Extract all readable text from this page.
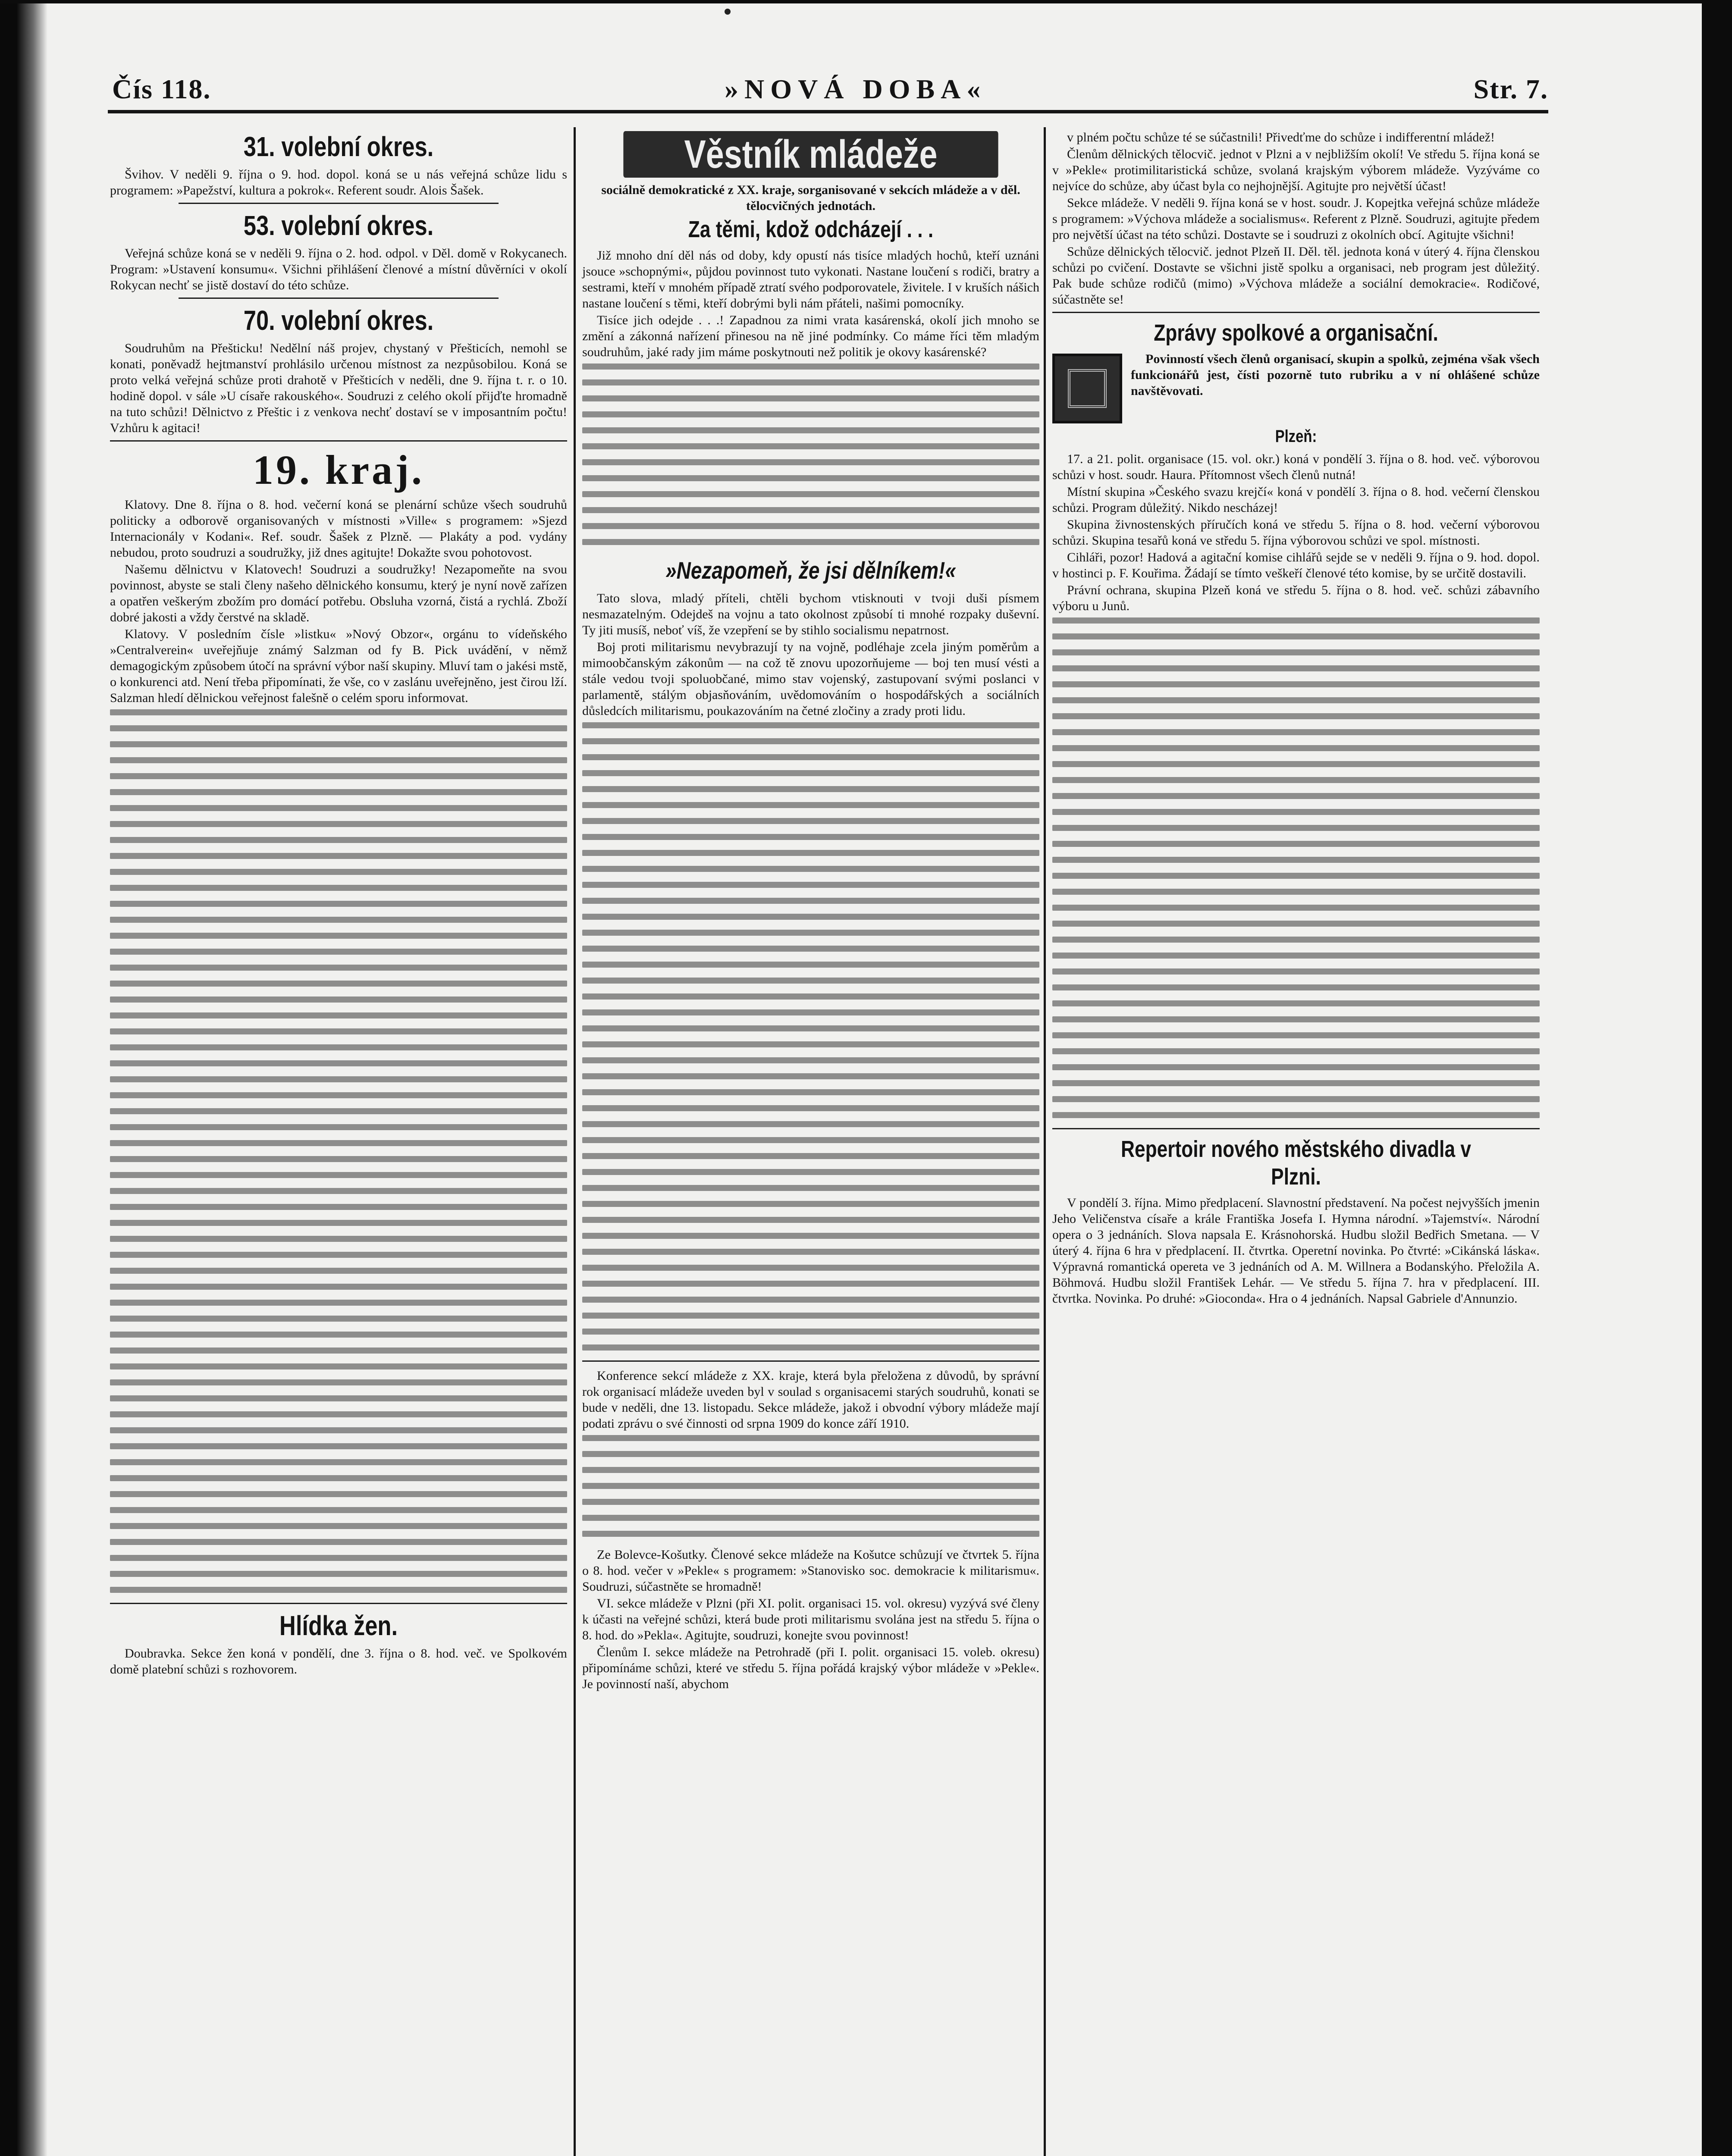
Čís 118.	»NOVÁ DOBA«	Str. 7.
31. volební okres.

Švihov. V neděli 9. října o 9. hod. dopol. koná se u nás veřejná schůze lidu s programem: »Papežství, kultura a pokrok«. Referent soudr. Alois Šašek.

53. volební okres.

Veřejná schůze koná se v neděli 9. října o 2. hod. odpol. v Děl. domě v Rokycanech. Program: »Ustavení konsumu«. Všichni přihlášení členové a místní důvěrníci v okolí Rokycan nechť se jistě dostaví do této schůze.

70. volební okres.

Soudruhům na Přešticku! Nedělní náš projev, chystaný v Přešticích, nemohl se konati, poněvadž hejtmanství prohlásilo určenou místnost za nezpůsobilou. Koná se proto velká veřejná schůze proti drahotě v Přešticích v neděli, dne 9. října t. r. o 10. hodině dopol. v sále »U císaře rakouského«. Soudruzi z celého okolí přijďte hromadně na tuto schůzi! Dělnictvo z Přeštic i z venkova nechť dostaví se v imposantním počtu! Vzhůru k agitaci!

19. kraj.

Klatovy. Dne 8. října o 8. hod. večerní koná se plenární schůze všech soudruhů politicky a odborově organisovaných v místnosti »Ville« s programem: »Sjezd Internacionály v Kodani«. Ref. soudr. Šašek z Plzně. — Plakáty a pod. vydány nebudou, proto soudruzi a soudružky, již dnes agitujte! Dokažte svou pohotovost.

Našemu dělnictvu v Klatovech! Soudruzi a soudružky! Nezapomeňte na svou povinnost, abyste se stali členy našeho dělnického konsumu, který je nyní nově zařízen a opatřen veškerým zbožím pro domácí potřebu. Obsluha vzorná, čistá a rychlá. Zboží dobré jakosti a vždy čerstvé na skladě.

Klatovy. V posledním čísle »listku« »Nový Obzor«, orgánu to vídeňského »Centralverein« uveřejňuje známý Salzman od fy B. Pick uvádění, v němž demagogickým způsobem útočí na správní výbor naší skupiny. Mluví tam o jakési mstě, o konkurenci atd. Není třeba připomínati, že vše, co v zaslánu uveřejněno, jest čirou lží. Salzman hledí dělnickou veřejnost falešně o celém sporu informovat.

Hlídka žen.

Doubravka. Sekce žen koná v pondělí, dne 3. října o 8. hod. več. ve Spolkovém domě platební schůzi s rozhovorem.

Věstník mládeže

sociálně demokratické z XX. kraje, sorganisované v sekcích mládeže a v děl. tělocvičných jednotách.

Za těmi, kdož odcházejí . . .

Již mnoho dní děl nás od doby, kdy opustí nás tisíce mladých hochů, kteří uznáni jsouce »schopnými«, půjdou povinnost tuto vykonati. Nastane loučení s rodiči, bratry a sestrami, kteří v mnohém případě ztratí svého podporovatele, živitele. I v kruších nášich nastane loučení s těmi, kteří dobrými byli nám přáteli, našimi pomocníky.

Tisíce jich odejde . . .! Zapadnou za nimi vrata kasárenská, okolí jich mnoho se změní a zákonná nařízení přinesou na ně jiné podmínky. Co máme říci těm mladým soudruhům, jaké rady jim máme poskytnouti než politik je okovy kasárenské?

»Nezapomeň, že jsi dělníkem!«

Tato slova, mladý příteli, chtěli bychom vtisknouti v tvoji duši písmem nesmazatelným. Odejdeš na vojnu a tato okolnost způsobí ti mnohé rozpaky duševní. Ty jiti musíš, neboť víš, že vzepření se by stihlo socialismu nepatrnost.

Boj proti militarismu nevybrazují ty na vojně, podléhaje zcela jiným poměrům a mimoobčanským zákonům — na což tě znovu upozorňujeme — boj ten musí vésti a stále vedou tvoji spoluobčané, mimo stav vojenský, zastupovaní svými poslanci v parlamentě, stálým objasňováním, uvědomováním o hospodářských a sociálních důsledcích militarismu, poukazováním na četné zločiny a zrady proti lidu.

Konference sekcí mládeže z XX. kraje, která byla přeložena z důvodů, by správní rok organisací mládeže uveden byl v soulad s organisacemi starých soudruhů, konati se bude v neděli, dne 13. listopadu. Sekce mládeže, jakož i obvodní výbory mládeže mají podati zprávu o své činnosti od srpna 1909 do konce září 1910.

Ze Bolevce-Košutky. Členové sekce mládeže na Košutce schůzují ve čtvrtek 5. října o 8. hod. večer v »Pekle« s programem: »Stanovisko soc. demokracie k militarismu«. Soudruzi, súčastněte se hromadně!

VI. sekce mládeže v Plzni (při XI. polit. organisaci 15. vol. okresu) vyzývá své členy k účasti na veřejné schůzi, která bude proti militarismu svolána jest na středu 5. října o 8. hod. do »Pekla«. Agitujte, soudruzi, konejte svou povinnost!

Členům I. sekce mládeže na Petrohradě (při I. polit. organisaci 15. voleb. okresu) připomínáme schůzi, které ve středu 5. října pořádá krajský výbor mládeže v »Pekle«. Je povinností naší, abychom

v plném počtu schůze té se súčastnili! Přivedťme do schůze i indifferentní mládež!

Členům dělnických tělocvič. jednot v Plzni a v nejbližším okolí! Ve středu 5. října koná se v »Pekle« protimilitaristická schůze, svolaná krajským výborem mládeže. Vyzýváme co nejvíce do schůze, aby účast byla co nejhojnější. Agitujte pro největší účast!

Sekce mládeže. V neděli 9. října koná se v host. soudr. J. Kopejtka veřejná schůze mládeže s programem: »Výchova mládeže a socialismus«. Referent z Plzně. Soudruzi, agitujte předem pro největší účast na této schůzi. Dostavte se i soudruzi z okolních obcí. Agitujte všichni!

Schůze dělnických tělocvič. jednot Plzeň II. Děl. těl. jednota koná v úterý 4. října členskou schůzi po cvičení. Dostavte se všichni jistě spolku a organisaci, neb program jest důležitý. Pak bude schůze rodičů (mimo) »Výchova mládeže a sociální demokracie«. Rodičové, súčastněte se!

Zprávy spolkové a organisační.

Povinností všech členů organisací, skupin a spolků, zejména však všech funkcionářů jest, čísti pozorně tuto rubriku a v ní ohlášené schůze navštěvovati.

Plzeň:

17. a 21. polit. organisace (15. vol. okr.) koná v pondělí 3. října o 8. hod. več. výborovou schůzi v host. soudr. Haura. Přítomnost všech členů nutná!

Místní skupina »Českého svazu krejčí« koná v pondělí 3. října o 8. hod. večerní členskou schůzi. Program důležitý. Nikdo nescházej!

Skupina živnostenských příručích koná ve středu 5. října o 8. hod. večerní výborovou schůzi. Skupina tesařů koná ve středu 5. října výborovou schůzi ve spol. místnosti.

Cihláři, pozor! Hadová a agitační komise cihlářů sejde se v neděli 9. října o 9. hod. dopol. v hostinci p. F. Kouřima. Žádají se tímto veškeří členové této komise, by se určitě dostavili.

Právní ochrana, skupina Plzeň koná ve středu 5. října o 8. hod. več. schůzi zábavního výboru u Junů.

Repertoir nového městského divadla v Plzni.

V pondělí 3. října. Mimo předplacení. Slavnostní představení. Na počest nejvyšších jmenin Jeho Veličenstva císaře a krále Františka Josefa I. Hymna národní. »Tajemství«. Národní opera o 3 jednáních. Slova napsala E. Krásnohorská. Hudbu složil Bedřich Smetana. — V úterý 4. října 6 hra v předplacení. II. čtvrtka. Operetní novinka. Po čtvrté: »Cikánská láska«. Výpravná romantická opereta ve 3 jednáních od A. M. Willnera a Bodanskýho. Přeložila A. Böhmová. Hudbu složil František Lehár. — Ve středu 5. října 7. hra v předplacení. III. čtvrtka. Novinka. Po druhé: »Gioconda«. Hra o 4 jednáních. Napsal Gabriele d'Annunzio.
